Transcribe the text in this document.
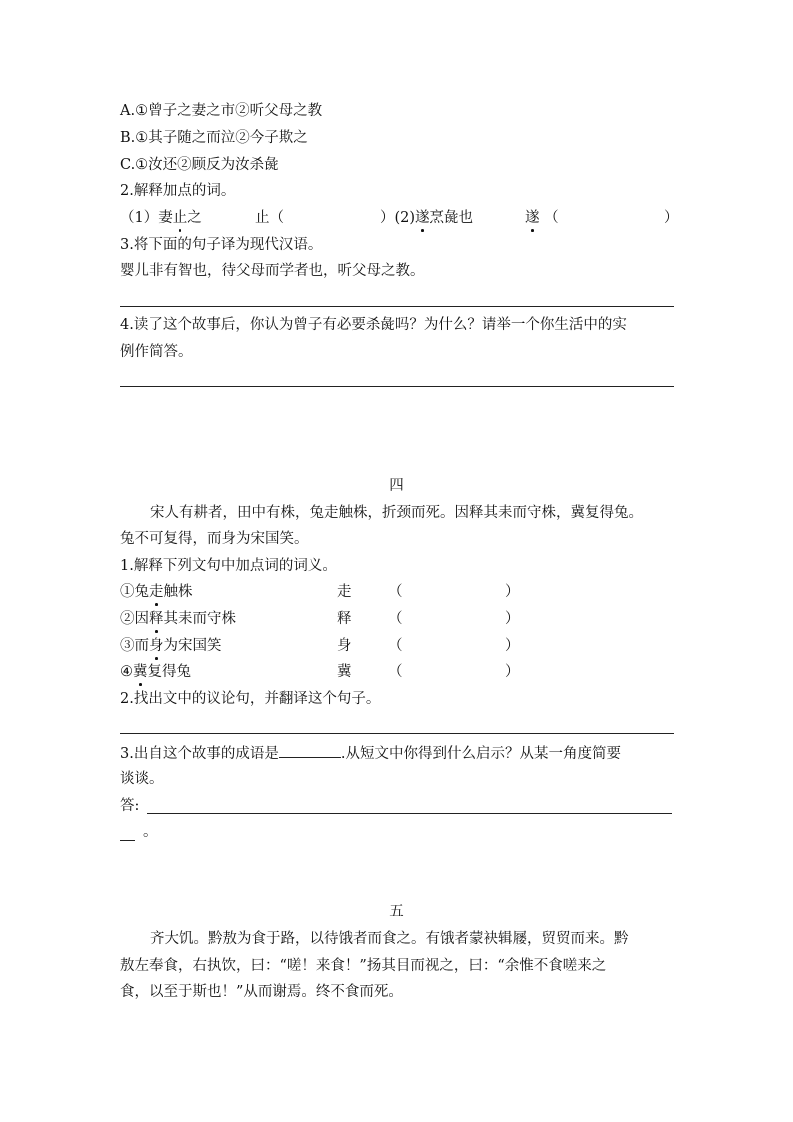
A.①曾子之妻之市②听父母之教
B.①其子随之而泣②今子欺之
C.①汝还②顾反为汝杀彘
2.解释加点的词。
（1）妻止之	止（	）(2)遂烹彘也	遂 （	）
3.将下面的句子译为现代汉语。
婴儿非有智也，待父母而学者也，听父母之教。
4.读了这个故事后，你认为曾子有必要杀彘吗？为什么？请举一个你生活中的实
例作简答。
四
宋人有耕者，田中有株，兔走触株，折颈而死。因释其耒而守株，冀复得兔。
兔不可复得，而身为宋国笑。
1.解释下列文句中加点词的词义。
①兔走触株	走	（	）
②因释其耒而守株	释	（	）
③而身为宋国笑	身	（	）
④冀复得兔	冀	（	）
2.找出文中的议论句，并翻译这个句子。
3.出自这个故事的成语是	.从短文中你得到什么启示？从某一角度简要
谈谈。
答:
。
五
齐大饥。黔敖为食于路，以待饿者而食之。有饿者蒙袂辑屦，贸贸而来。黔
敖左奉食，右执饮，曰：“嗟！来食！”扬其目而视之，曰：“余惟不食嗟来之
食，以至于斯也！”从而谢焉。终不食而死。
